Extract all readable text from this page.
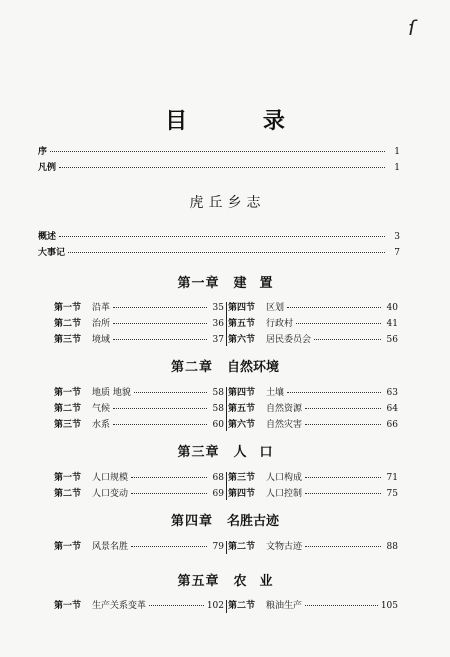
ſ
目 录
序	1
凡例	1
虎丘乡志
概述	3
大事记	7
第一章 建　置
第一节	沿革	35
第二节	治所	36
第三节	境域	37
第四节	区划	40
第五节	行政村	41
第六节	居民委员会	56
第二章 自然环境
第一节	地质 地貌	58
第二节	气候	58
第三节	水系	60
第四节	土壤	63
第五节	自然资源	64
第六节	自然灾害	66
第三章 人　口
第一节	人口规模	68
第二节	人口变动	69
第三节	人口构成	71
第四节	人口控制	75
第四章 名胜古迹
第一节	风景名胜	79 第二节	文物古迹	88
第五章 农　业
第一节	生产关系变革	102 第二节	粮油生产	105
